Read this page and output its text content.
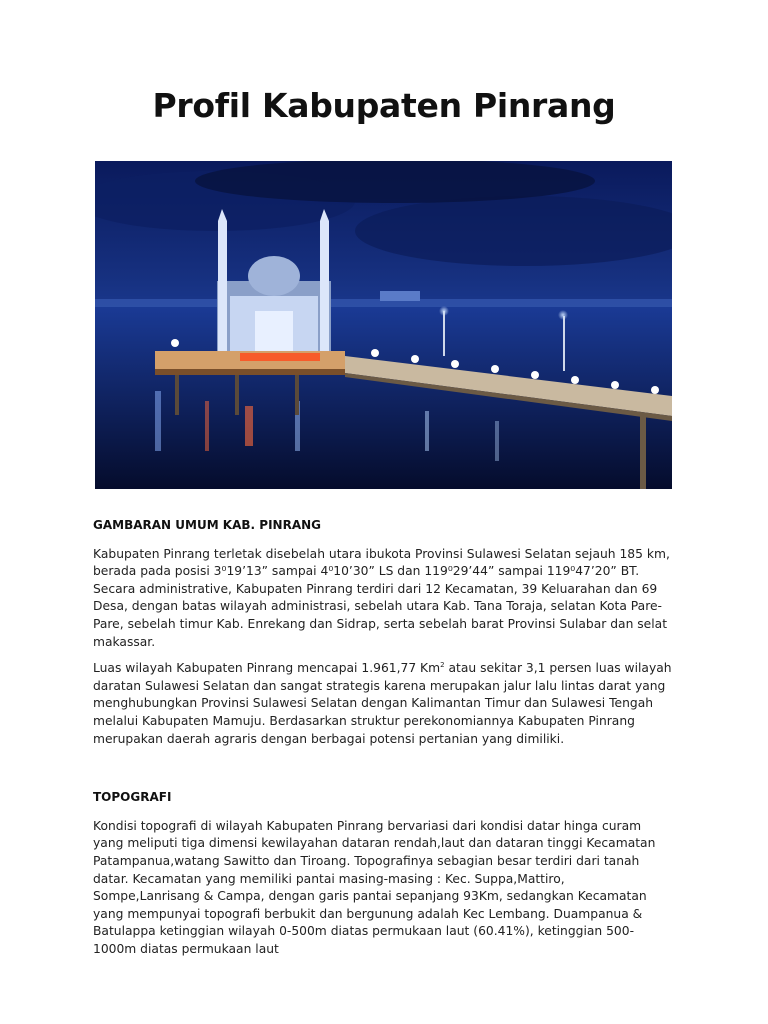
Profil Kabupaten Pinrang

GAMBARAN UMUM KAB. PINRANG

Kabupaten Pinrang terletak disebelah utara ibukota Provinsi Sulawesi Selatan sejauh 185 km, berada pada posisi 3⁰19’13” sampai 4⁰10’30” LS dan 119⁰29’44” sampai 119⁰47’20” BT. Secara administrative, Kabupaten Pinrang terdiri dari 12 Kecamatan, 39 Keluarahan dan 69 Desa, dengan batas wilayah administrasi, sebelah utara Kab. Tana Toraja, selatan Kota Pare-Pare, sebelah timur Kab. Enrekang dan Sidrap, serta sebelah barat Provinsi Sulabar dan selat makassar.

Luas wilayah Kabupaten Pinrang mencapai 1.961,77 Km$^2$ atau sekitar 3,1 persen luas wilayah daratan Sulawesi Selatan dan sangat strategis karena merupakan jalur lalu lintas darat yang menghubungkan Provinsi Sulawesi Selatan dengan Kalimantan Timur dan Sulawesi Tengah melalui Kabupaten Mamuju. Berdasarkan struktur perekonomiannya Kabupaten Pinrang merupakan daerah agraris dengan berbagai potensi pertanian yang dimiliki.

TOPOGRAFI

Kondisi topografi di wilayah Kabupaten Pinrang bervariasi dari kondisi datar hinga curam yang meliputi tiga dimensi kewilayahan dataran rendah,laut dan dataran tinggi Kecamatan Patampanua,watang Sawitto dan Tiroang. Topografinya sebagian besar terdiri dari tanah datar. Kecamatan yang memiliki pantai masing-masing : Kec. Suppa,Mattiro, Sompe,Lanrisang & Campa, dengan garis pantai sepanjang 93Km, sedangkan Kecamatan yang mempunyai topografi berbukit dan bergunung adalah Kec Lembang. Duampanua & Batulappa ketinggian wilayah 0-500m diatas permukaan laut (60.41%), ketinggian 500-1000m diatas permukaan laut
